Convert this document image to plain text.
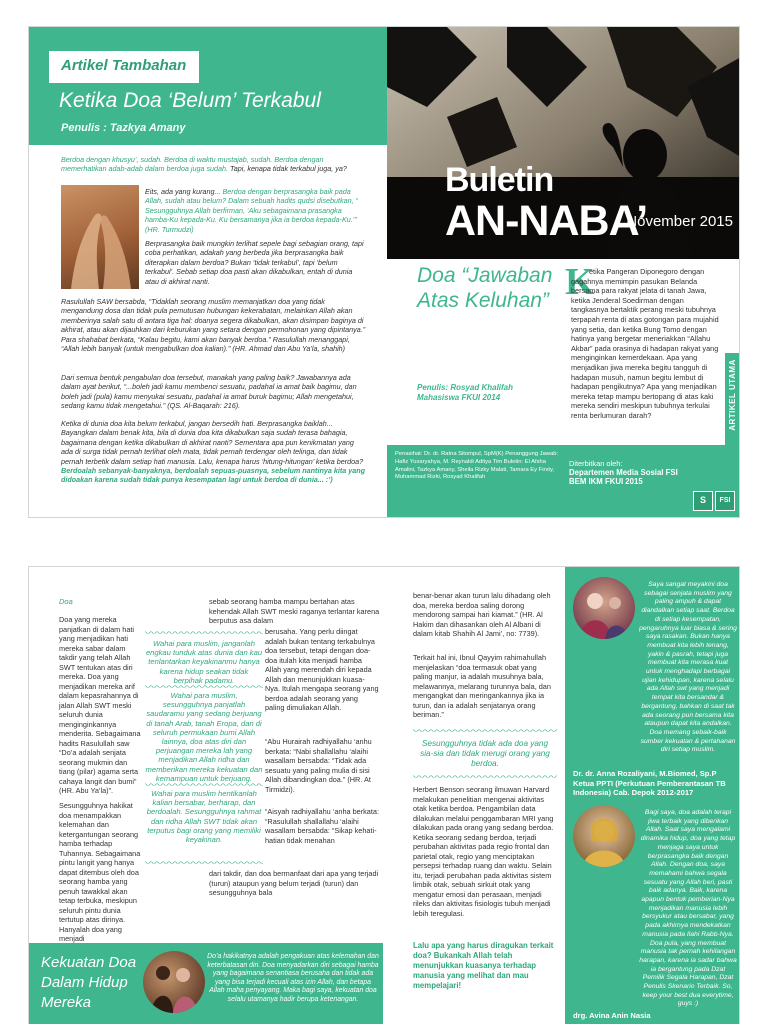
Artikel Tambahan
Ketika Doa ‘Belum’ Terkabul
Penulis : Tazkya Amany
Berdoa dengan khusyu’, sudah. Berdoa di waktu mustajab, sudah. Berdoa dengan memerhatikan adab-adab dalam berdoa juga sudah. Tapi, kenapa tidak terkabul juga, ya?
Eits, ada yang kurang... Berdoa dengan berprasangka baik pada Allah, sudah atau belum? Dalam sebuah hadits qudsi disebutkan, “ Sesungguhnya Allah berfirman, ‘Aku sebagaimana prasangka hamba-Ku kepada-Ku. Ku bersamanya jika ia berdoa kepada-Ku.’” (HR. Turmudzi)
Berprasangka baik mungkin terlihat sepele bagi sebagian orang, tapi coba perhatikan, adakah yang berbeda jika berprasangka baik diterapkan dalam berdoa? Bukan ‘tidak terkabul’, tapi ‘belum terkabul’. Sebab setiap doa pasti akan dikabulkan, entah di dunia atau di akhirat nanti.
Rasulullah SAW bersabda, “Tidaklah seorang muslim memanjatkan doa yang tidak mengandung dosa dan tidak pula pemutusan hubungan kekerabatan, melainkan Allah akan memberinya salah satu di antara tiga hal: doanya segera dikabulkan, akan disimpan baginya di akhirat, atau akan dijauhkan dari keburukan yang setara dengan permohonan yang dipintanya.” Para shahabat berkata, “Kalau begitu, kami akan banyak berdoa.” Rasulullah menanggapi, “Allah lebih banyak (untuk mengabulkan doa kalian).” (HR. Ahmad dan Abu Ya’la, shahih)
Dari semua bentuk pengabulan doa tersebut, manakah yang paling baik? Jawabannya ada dalam ayat berikut, “...boleh jadi kamu membenci sesuatu, padahal ia amat baik bagimu, dan boleh jadi (pula) kamu menyukai sesuatu, padahal ia amat buruk bagimu; Allah mengetahui, sedang kamu tidak mengetahui.” (QS. Al-Baqarah: 216).
Ketika di dunia doa kita belum terkabul, jangan bersedih hati. Berprasangka baiklah... Bayangkan dalam benak kita, bila di dunia doa kita dikabulkan saja sudah terasa bahagia, bagaimana dengan ketika dikabulkan di akhirat nanti? Sementara apa pun kenikmatan yang ada di surga tidak pernah terlihat oleh mata, tidak pernah terdengar oleh telinga, dan tidak pernah terbetik dalam setiap hati manusia. Lalu, kenapa harus ‘hitung-hitungan’ ketika berdoa? Berdoalah sebanyak-banyaknya, berdoalah sepuas-puasnya, sebelum nantinya kita yang didoakan karena sudah tidak punya kesempatan lagi untuk berdoa di dunia... :’)
Buletin
AN-NABA’
November 2015
Doa “Jawaban Atas Keluhan”
Penulis: Rosyad Khalifah
Mahasiswa FKUI 2014
K
etika Pangeran Diponegoro dengan gagahnya memimpin pasukan Belanda bersama para rakyat jelata di tanah Jawa, ketika Jenderal Soedirman dengan tangkasnya bertaktik perang meski tubuhnya terpapah renta di atas gotongan para mujahid yang setia, dan ketika Bung Tomo dengan hatinya yang bergetar meneriakkan “Allahu Akbar” pada orasinya di hadapan rakyat yang menginginkan kemerdekaan. Apa yang menjadikan jiwa mereka begitu tangguh di hadapan musuh, namun begitu lembut di hadapan pengikutnya? Apa yang menjadikan mereka tetap mampu bertopang di atas kaki mereka sendiri meskipun tubuhnya terkulai renta berlumuran darah?	ARTIKEL UTAMA
Penasihat: Dr. dr. Ratna Sitompul, SpM(K) Penanggung Jawab: Hafiz Yusaryahya, M. Reynaldi Aditya Tim Buletin: El Afsha Amalini, Tazkya Amany, Sheila Rizky Malati, Tamara Ey Firsty, Muhammad Rizki, Rosyad Khalifah
Diterbitkan oleh:
Departemen Media Sosial FSI BEM IKM FKUI 2015
S	FSI
Doa
Doa yang mereka panjatkan di dalam hati yang menjadikan hati mereka sabar dalam takdir yang telah Allah SWT tentukan atas diri mereka. Doa yang menjadikan mereka arif dalam kepasrahannya di jalan Allah SWT meski seluruh dunia menginginkannya menderita. Sebagaimana hadits Rasulullah saw “Do’a adalah senjata seorang mukmin dan tiang (pilar) agama serta cahaya langit dan bumi” (HR. Abu Ya’la)”.
Sesungguhnya hakikat doa menampakkan kelemahan dan ketergantungan seorang hamba terhadap Tuhannya. Sebagaimana pintu langit yang hanya dapat ditembus oleh doa seorang hamba yang penuh tawakkal akan tetap terbuka, meskipun seluruh pintu dunia tertutup atas dirinya. Hanyalah doa yang menjadi
sebab seorang hamba mampu bertahan atas kehendak Allah SWT meski raganya terlantar karena berputus asa dalam
Wahai para muslim, janganlah engkau tunduk atas dunia dan kau tenlantarkan keyakinanmu hanya karena hidup seakan tidak berpihak padamu.
Wahai para muslim, sesungguhnya panjatlah saudaramu yang sedang berjuang di tanah Arab, tanah Eropa, dan di seluruh permukaan bumi Allah lainnya, doa atas diri dan perjuangan mereka lah yang menjadikan Allah ridha dan memberikan mereka kekuatan dan kemampuan untuk berjuang.
Wahai para muslim hentikanlah kalian bersabar, berharap, dan berdoalah. Sesungguhnya rahmat dan ridha Allah SWT tidak akan terputus bagi orang yang memiliki keyakinan.
berusaha. Yang perlu diingat adalah bukan tentang terkabulnya doa tersebut, tetapi dengan doa-doa itulah kita menjadi hamba Allah yang merendah diri kepada Allah dan menunjukkan kuasa-Nya. Itulah mengapa seorang yang berdoa adalah seorang yang paling dimuliakan Allah.
“Abu Hurairah radhiyallahu ‘anhu berkata: “Nabi shallallahu ‘alaihi wasallam bersabda: “Tidak ada sesuatu yang paling mulia di sisi Allah dibandingkan doa.” (HR. At Tirmidzi).
“Aisyah radhiyallahu ‘anha berkata: “Rasulullah shallallahu ‘alaihi wasallam bersabda: “Sikap kehati-hatian tidak menahan
dari takdir, dan doa bermanfaat dari apa yang terjadi (turun) ataupun yang belum terjadi (turun) dan sesungguhnya bala
benar-benar akan turun lalu dihadang oleh doa, mereka berdoa saling dorong mendorong sampai hari kiamat.” (HR. Al Hakim dan dihasankan oleh Al Albani di dalam kitab Shahih Al Jami’, no: 7739).
Terkait hal ini, Ibnul Qayyim rahimahullah menjelaskan “doa termasuk obat yang paling manjur, ia adalah musuhnya bala, melawannya, melarang turunnya bala, dan mengangkat dan meringankannya jika ia turun, dan ia adalah senjatanya orang beriman.”
Sesungguhnya tidak ada doa yang sia-sia dan tidak merugi orang yang berdoa.
Herbert Benson seorang ilmuwan Harvard melakukan penelitian mengenai aktivitas otak ketika berdoa. Pengambilan data dilakukan melalui penggambaran MRI yang dilakukan pada orang yang sedang berdoa. Ketika seorang sedang berdoa, terjadi perubahan aktivitas pada regio frontal dan parietal otak, regio yang menciptakan persepsi terhadap ruang dan waktu. Selain itu, terjadi perubahan pada aktivitas sistem limbik otak, sebuah sirkuit otak yang mengatur emosi dan perasaan, menjadi rileks dan aktivitas fisiologis tubuh menjadi lebih teregulasi.
Lalu apa yang harus diragukan terkait doa? Bukankah Allah telah menunjukkan kuasanya terhadap manusia yang melihat dan mau mempelajari!
Kekuatan Doa Dalam Hidup Mereka
Do’a hakikatnya adalah pengakuan atas kelemahan dan keterbatasan diri. Doa menyadarkan diri sebagai hamba yang bagaimana senantiasa berusaha dan tidak ada yang bisa terjadi kecuali atas izin Allah, dan betapa Allah maha penyayang. Maka bagi saya, kekuatan doa selalu utamanya hadir berupa ketenangan.
Saya sangat meyakini doa sebagai senjata muslim yang paling ampuh & dapat diandalkan setiap saat. Berdoa di setiap kesempatan, pengaruhnya luar biasa & sering saya rasakan. Bukan hanya membuat kita lebih tenang, yakin & pasrah, tetapi juga membuat kita merasa kuat untuk menghadapi berbagai ujian kehidupan, karena selalu ada Allah swt yang menjadi tempat kita bersandar & bergantung, bahkan di saat tak ada seorang pun bersama kita ataupun dapat kita andalkan. Doa memang sebaik-baik sumber kekuatan & pertahanan diri setiap muslim.
Dr. dr. Anna Rozaliyani, M.Biomed, Sp.P Ketua PPTI (Perkutuan Pemberantasan TB Indonesia) Cab. Depok 2012-2017
Bagi saya, doa adalah terapi jiwa terbaik yang diberikan Allah. Saat saya mengalami dinamika hidup, doa yang tetap menjaga saya untuk berprasangka baik dengan Allah. Dengan doa, saya memahami bahwa segala sesuatu yang Allah beri, pasti baik adanya. Baik, karena apapun bentuk pemberian-Nya menjadikan manusia lebih bersyukur atau bersabar, yang pada akhirnya mendekatkan manusia pada Ilahi Rabb-Nya. Doa pula, yang membuat manusia tak pernah kehilangan harapan, karena ia sadar bahwa ia bergantung pada Dzat Pemilik Segala Harapan, Dzat Penulis Skenario Terbaik. So, keep your best dua everytime, guys :)
drg. Avina Anin Nasia
